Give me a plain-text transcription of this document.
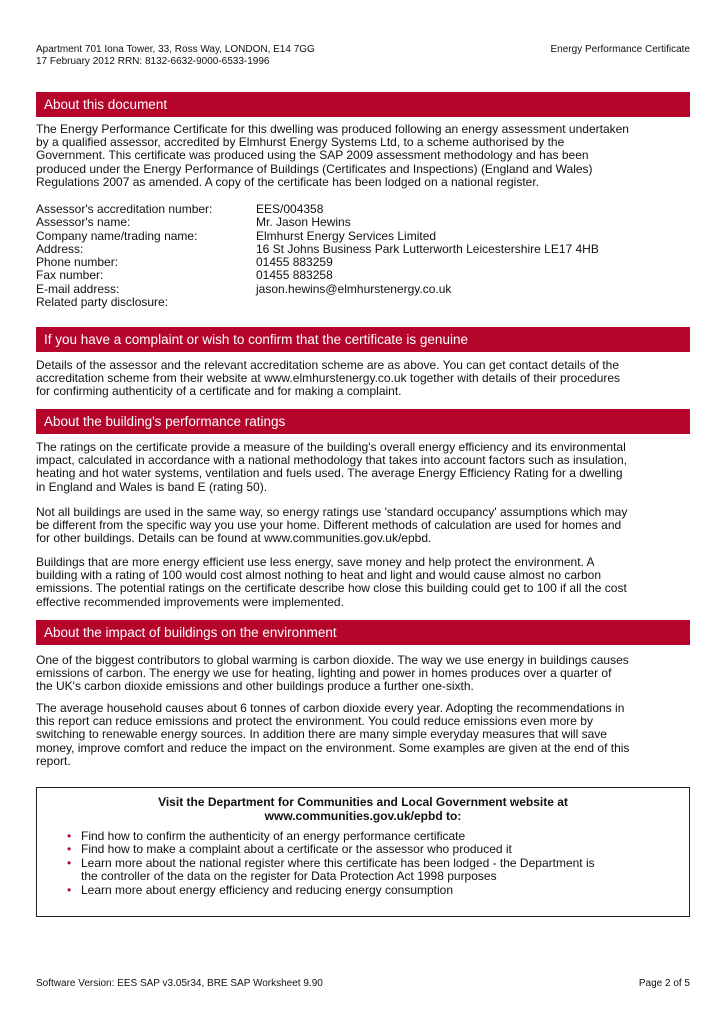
Apartment 701 Iona Tower, 33, Ross Way, LONDON, E14 7GG
17 February 2012 RRN: 8132-6632-9000-6533-1996
Energy Performance Certificate
About this document
The Energy Performance Certificate for this dwelling was produced following an energy assessment undertaken
by a qualified assessor, accredited by Elmhurst Energy Systems Ltd, to a scheme authorised by the
Government. This certificate was produced using the SAP 2009 assessment methodology and has been
produced under the Energy Performance of Buildings (Certificates and Inspections) (England and Wales)
Regulations 2007 as amended. A copy of the certificate has been lodged on a national register.
Assessor's accreditation number:	EES/004358
Assessor's name:	Mr. Jason Hewins
Company name/trading name:	Elmhurst Energy Services Limited
Address:	16 St Johns Business Park Lutterworth Leicestershire LE17 4HB
Phone number:	01455 883259
Fax number:	01455 883258
E-mail address:	jason.hewins@elmhurstenergy.co.uk
Related party disclosure:
If you have a complaint or wish to confirm that the certificate is genuine
Details of the assessor and the relevant accreditation scheme are as above. You can get contact details of the
accreditation scheme from their website at www.elmhurstenergy.co.uk together with details of their procedures
for confirming authenticity of a certificate and for making a complaint.
About the building's performance ratings
The ratings on the certificate provide a measure of the building's overall energy efficiency and its environmental
impact, calculated in accordance with a national methodology that takes into account factors such as insulation,
heating and hot water systems, ventilation and fuels used. The average Energy Efficiency Rating for a dwelling
in England and Wales is band E (rating 50).
Not all buildings are used in the same way, so energy ratings use 'standard occupancy' assumptions which may
be different from the specific way you use your home. Different methods of calculation are used for homes and
for other buildings. Details can be found at www.communities.gov.uk/epbd.
Buildings that are more energy efficient use less energy, save money and help protect the environment. A
building with a rating of 100 would cost almost nothing to heat and light and would cause almost no carbon
emissions. The potential ratings on the certificate describe how close this building could get to 100 if all the cost
effective recommended improvements were implemented.
About the impact of buildings on the environment
One of the biggest contributors to global warming is carbon dioxide. The way we use energy in buildings causes
emissions of carbon. The energy we use for heating, lighting and power in homes produces over a quarter of
the UK's carbon dioxide emissions and other buildings produce a further one-sixth.
The average household causes about 6 tonnes of carbon dioxide every year. Adopting the recommendations in
this report can reduce emissions and protect the environment. You could reduce emissions even more by
switching to renewable energy sources. In addition there are many simple everyday measures that will save
money, improve comfort and reduce the impact on the environment. Some examples are given at the end of this
report.
Visit the Department for Communities and Local Government website at
www.communities.gov.uk/epbd to:
• Find how to confirm the authenticity of an energy performance certificate
• Find how to make a complaint about a certificate or the assessor who produced it
• Learn more about the national register where this certificate has been lodged - the Department is
the controller of the data on the register for Data Protection Act 1998 purposes
• Learn more about energy efficiency and reducing energy consumption
Software Version: EES SAP v3.05r34, BRE SAP Worksheet 9.90	Page 2 of 5
